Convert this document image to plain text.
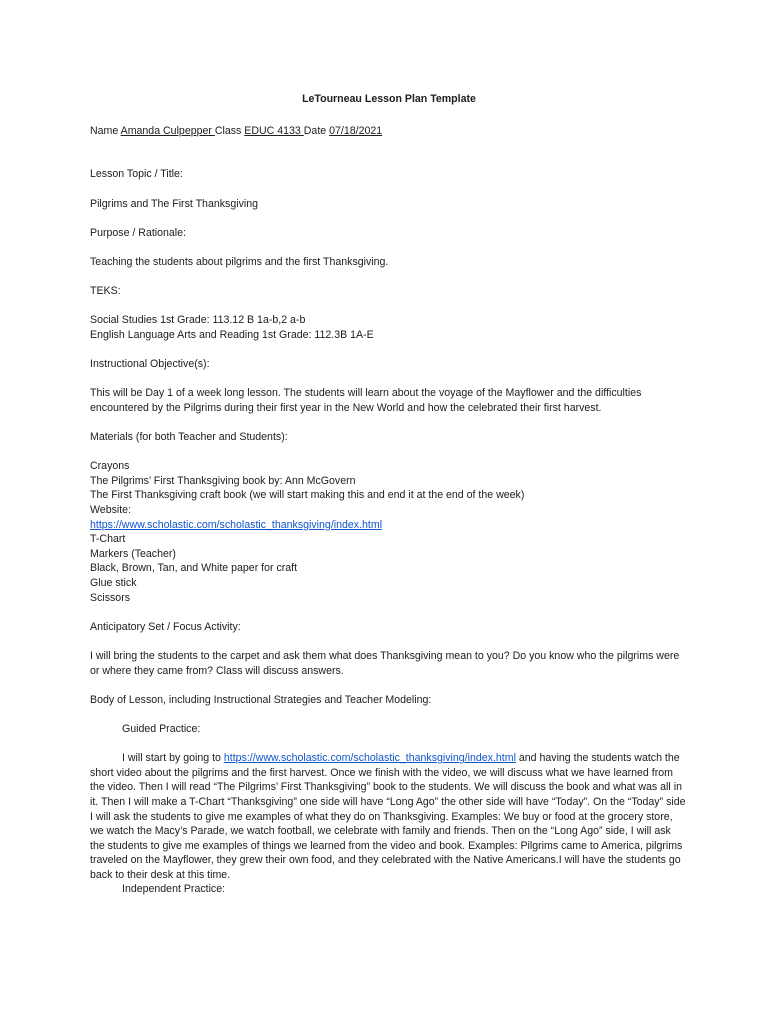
LeTourneau Lesson Plan Template

Name Amanda Culpepper Class EDUC 4133 Date 07/18/2021

Lesson Topic / Title:

Pilgrims and The First Thanksgiving

Purpose / Rationale:

Teaching the students about pilgrims and the first Thanksgiving.

TEKS:

Social Studies 1st Grade: 113.12 B 1a-b,2 a-b

English Language Arts and Reading 1st Grade: 112.3B 1A-E

Instructional Objective(s):

This will be Day 1 of a week long lesson. The students will learn about the voyage of the Mayflower and the difficulties encountered by the Pilgrims during their first year in the New World and how the celebrated their first harvest.

Materials (for both Teacher and Students):

Crayons

The Pilgrims’ First Thanksgiving book by: Ann McGovern

The First Thanksgiving craft book (we will start making this and end it at the end of the week)

Website:

https://www.scholastic.com/scholastic_thanksgiving/index.html

T-Chart

Markers (Teacher)

Black, Brown, Tan, and White paper for craft

Glue stick

Scissors

Anticipatory Set / Focus Activity:

I will bring the students to the carpet and ask them what does Thanksgiving mean to you? Do you know who the pilgrims were or where they came from? Class will discuss answers.

Body of Lesson, including Instructional Strategies and Teacher Modeling:

Guided Practice:

I will start by going to https://www.scholastic.com/scholastic_thanksgiving/index.html and having the students watch the short video about the pilgrims and the first harvest. Once we finish with the video, we will discuss what we have learned from the video. Then I will read “The Pilgrims’ First Thanksgiving” book to the students. We will discuss the book and what was all in it. Then I will make a T-Chart “Thanksgiving” one side will have “Long Ago” the other side will have “Today”. On the “Today” side I will ask the students to give me examples of what they do on Thanksgiving. Examples: We buy or food at the grocery store, we watch the Macy’s Parade, we watch football, we celebrate with family and friends. Then on the “Long Ago” side, I will ask the students to give me examples of things we learned from the video and book. Examples: Pilgrims came to America, pilgrims traveled on the Mayflower, they grew their own food, and they celebrated with the Native Americans.I will have the students go back to their desk at this time.

Independent Practice:
